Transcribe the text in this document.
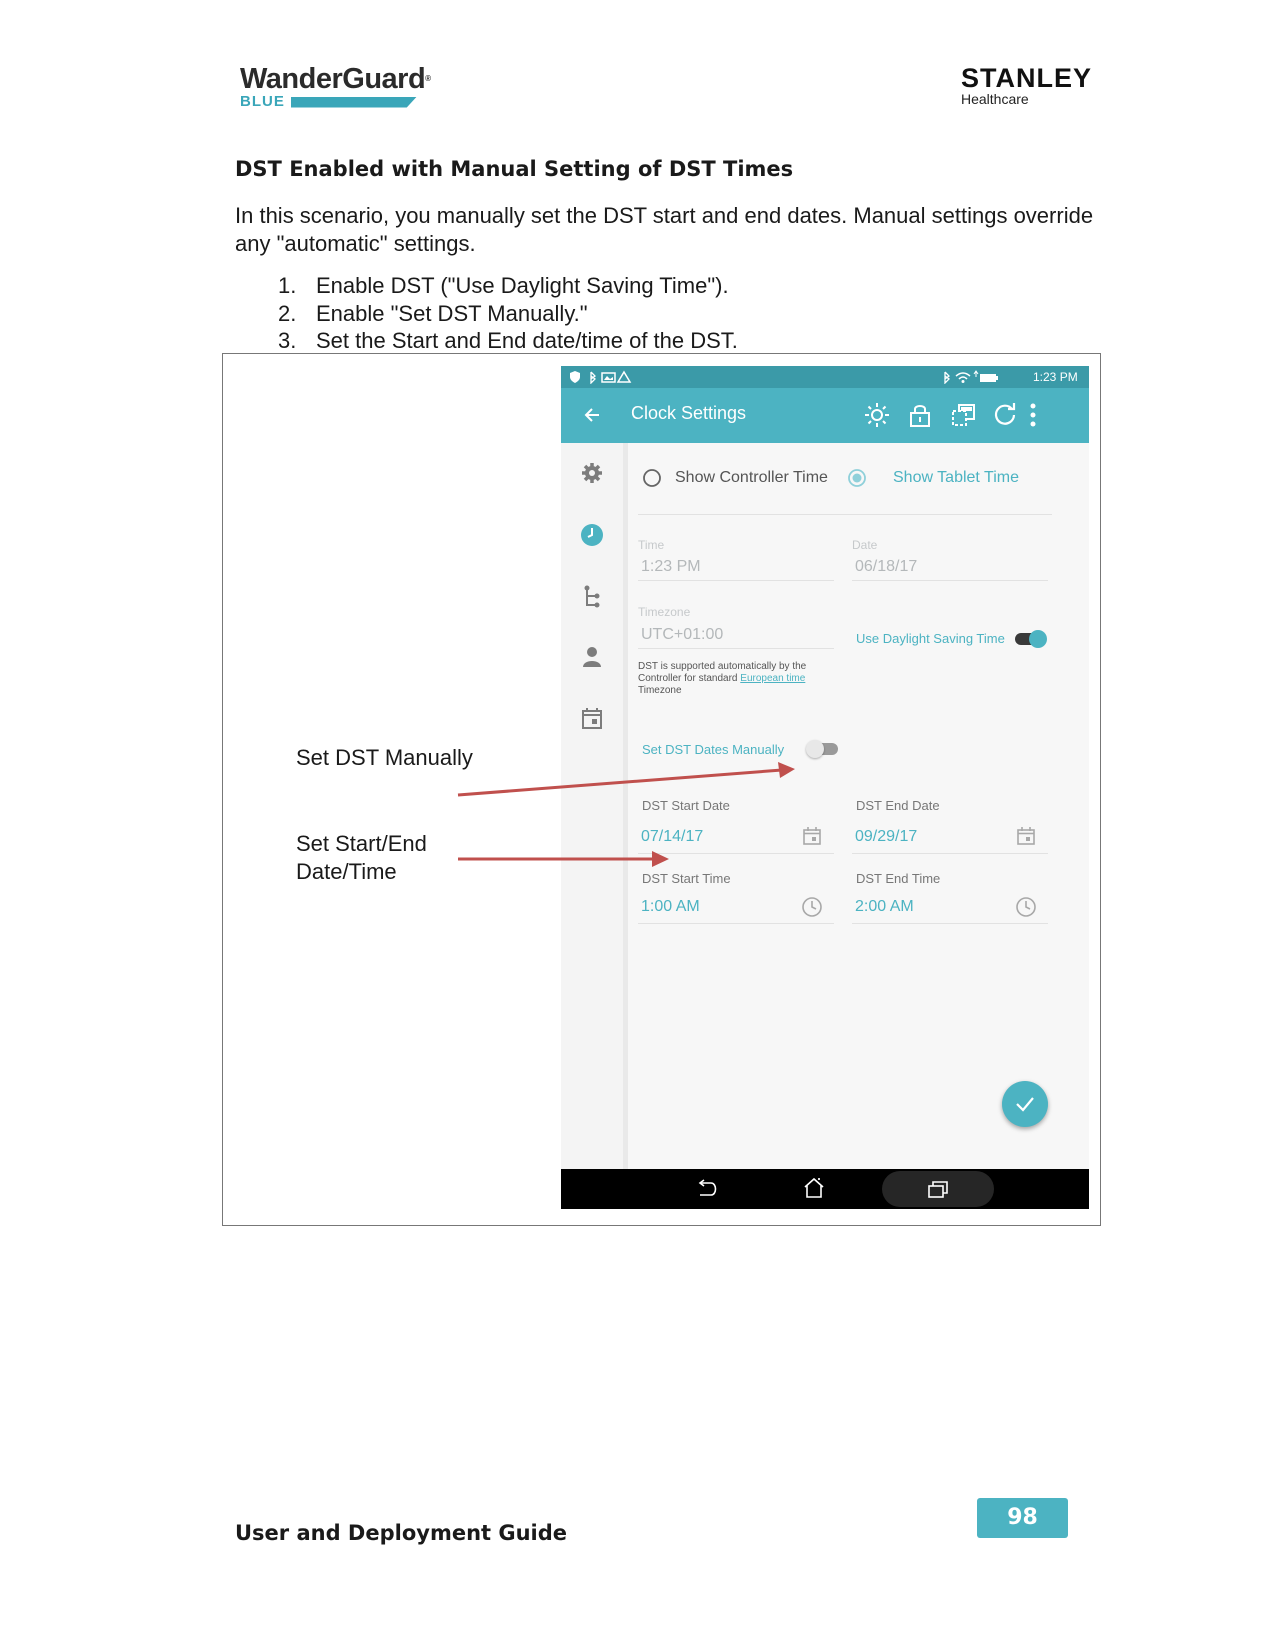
WanderGuard®
BLUE
STANLEY
Healthcare
DST Enabled with Manual Setting of DST Times
In this scenario, you manually set the DST start and end dates. Manual settings override any "automatic" settings.
1. Enable DST ("Use Daylight Saving Time").
2. Enable "Set DST Manually."
3. Set the Start and End date/time of the DST.
Set DST Manually
Set Start/End Date/Time
1:23 PM
Clock Settings
Show Controller Time	Show Tablet Time
Time
1:23 PM
Date
06/18/17
Timezone
UTC+01:00	Use Daylight Saving Time
DST is supported automatically by the
Controller for standard European time
Timezone
Set DST Dates Manually
DST Start Date
07/14/17
DST End Date
09/29/17
DST Start Time
1:00 AM
DST End Time
2:00 AM
User and Deployment Guide
98
